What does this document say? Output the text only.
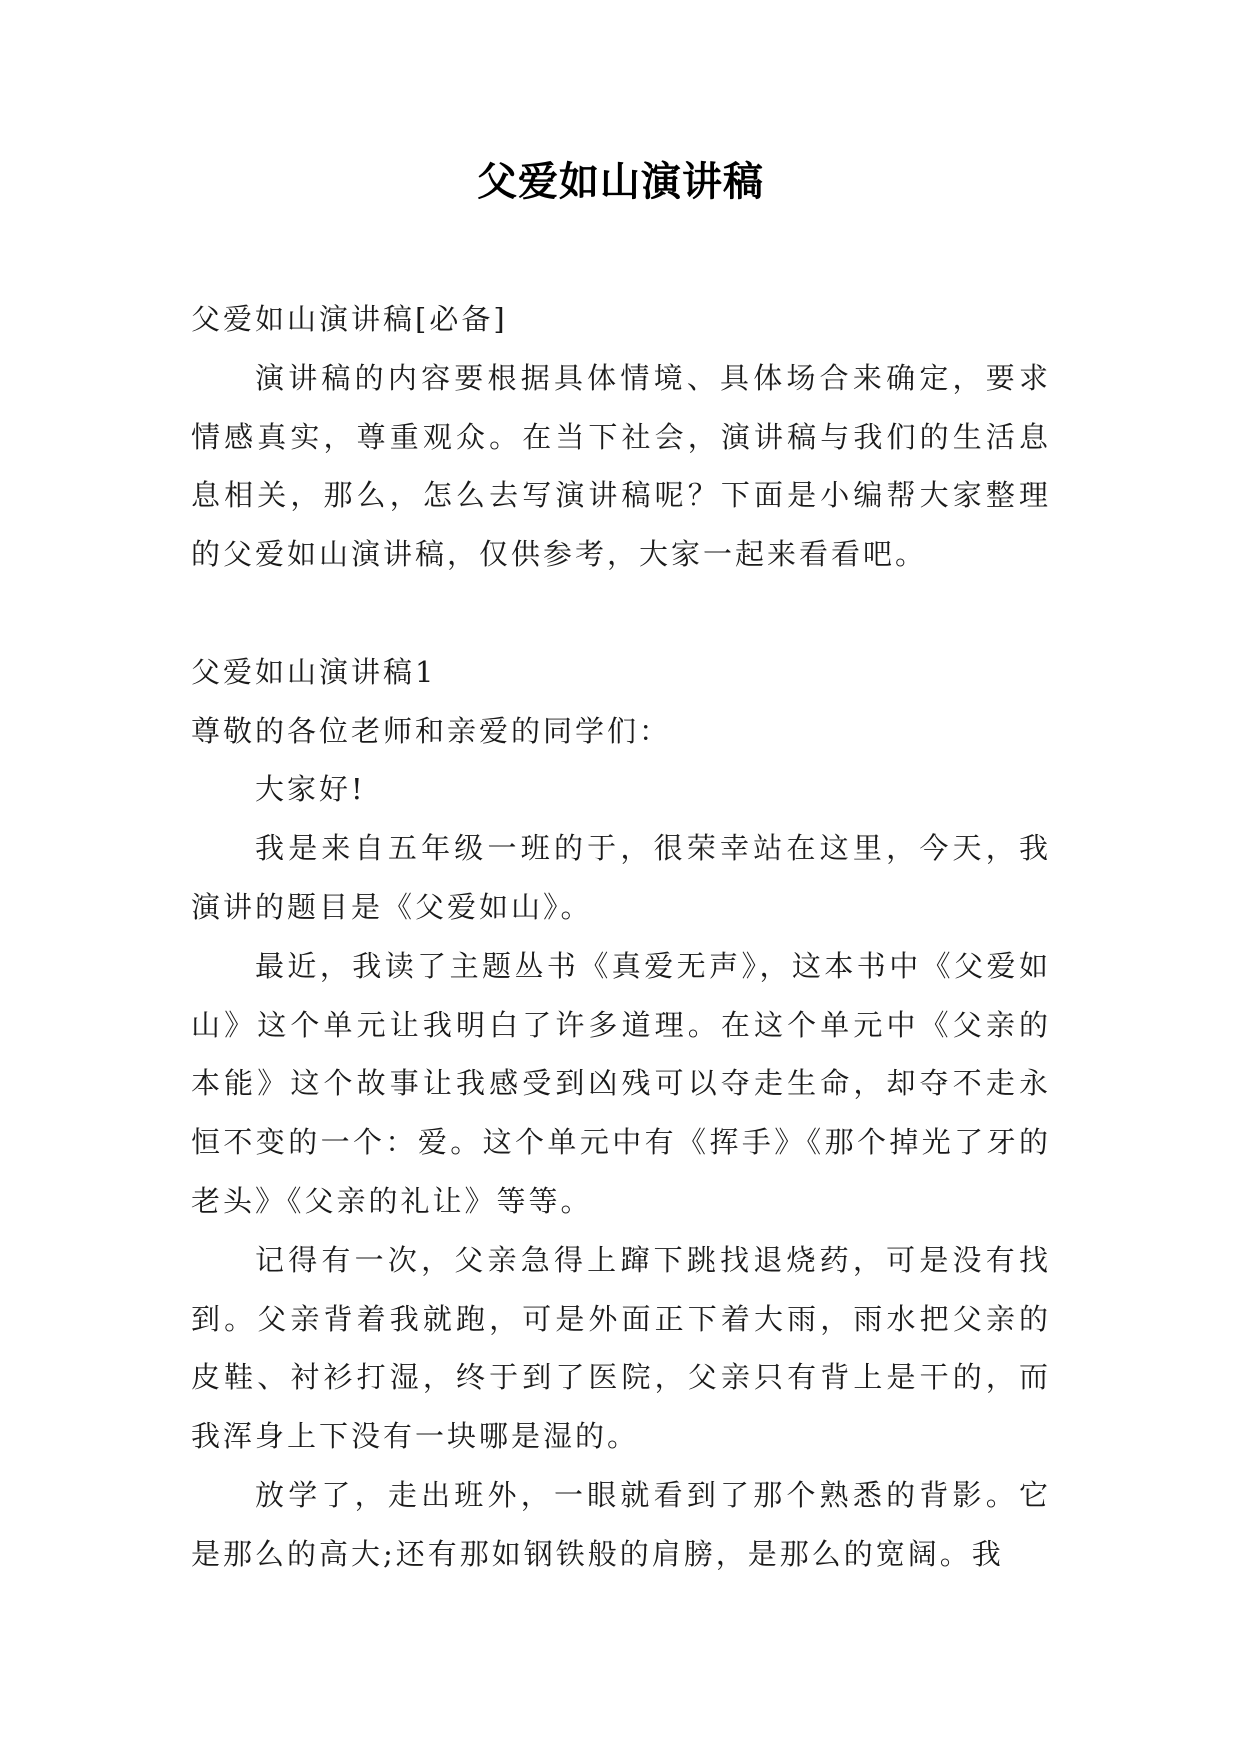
父爱如山演讲稿

父爱如山演讲稿[必备]

演讲稿的内容要根据具体情境、具体场合来确定，要求情感真实，尊重观众。在当下社会，演讲稿与我们的生活息息相关，那么，怎么去写演讲稿呢？下面是小编帮大家整理的父爱如山演讲稿，仅供参考，大家一起来看看吧。

父爱如山演讲稿1

尊敬的各位老师和亲爱的同学们：

大家好!

我是来自五年级一班的于，很荣幸站在这里，今天，我演讲的题目是《父爱如山》。

最近，我读了主题丛书《真爱无声》，这本书中《父爱如山》这个单元让我明白了许多道理。在这个单元中《父亲的本能》这个故事让我感受到凶残可以夺走生命，却夺不走永恒不变的一个：爱。这个单元中有《挥手》《那个掉光了牙的老头》《父亲的礼让》等等。

记得有一次，父亲急得上蹿下跳找退烧药，可是没有找到。父亲背着我就跑，可是外面正下着大雨，雨水把父亲的皮鞋、衬衫打湿，终于到了医院，父亲只有背上是干的，而我浑身上下没有一块哪是湿的。

放学了，走出班外，一眼就看到了那个熟悉的背影。它是那么的高大;还有那如钢铁般的肩膀，是那么的宽阔。我
